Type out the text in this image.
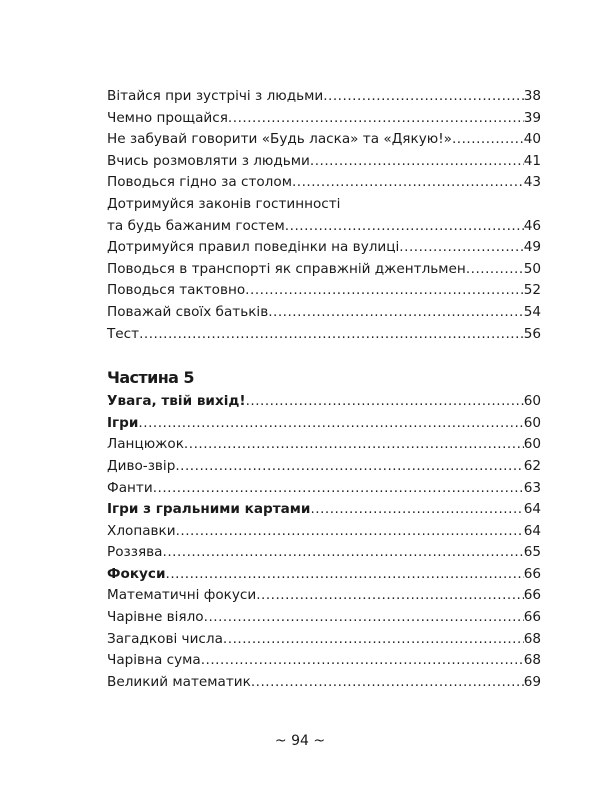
Вітайся при зустрічі з людьми .....	38
Чемно прощайся .....	39
Не забувай говорити «Будь ласка» та «Дякую!» .....	40
Вчись розмовляти з людьми .....	41
Поводься гідно за столом .....	43
Дотримуйся законів гостинності
та будь бажаним гостем .....	46
Дотримуйся правил поведінки на вулиці .....	49
Поводься в транспорті як справжній джентльмен .....	50
Поводься тактовно .....	52
Поважай своїх батьків .....	54
Тест .....	56
Частина 5
Увага, твій вихід! .....	60
Ігри .....	60
Ланцюжок .....	60
Диво-звір .....	62
Фанти .....	63
Ігри з гральними картами .....	64
Хлопавки .....	64
Роззява .....	65
Фокуси .....	66
Математичні фокуси .....	66
Чарівне віяло .....	66
Загадкові числа .....	68
Чарівна сума .....	68
Великий математик .....	69
~ 94 ~
